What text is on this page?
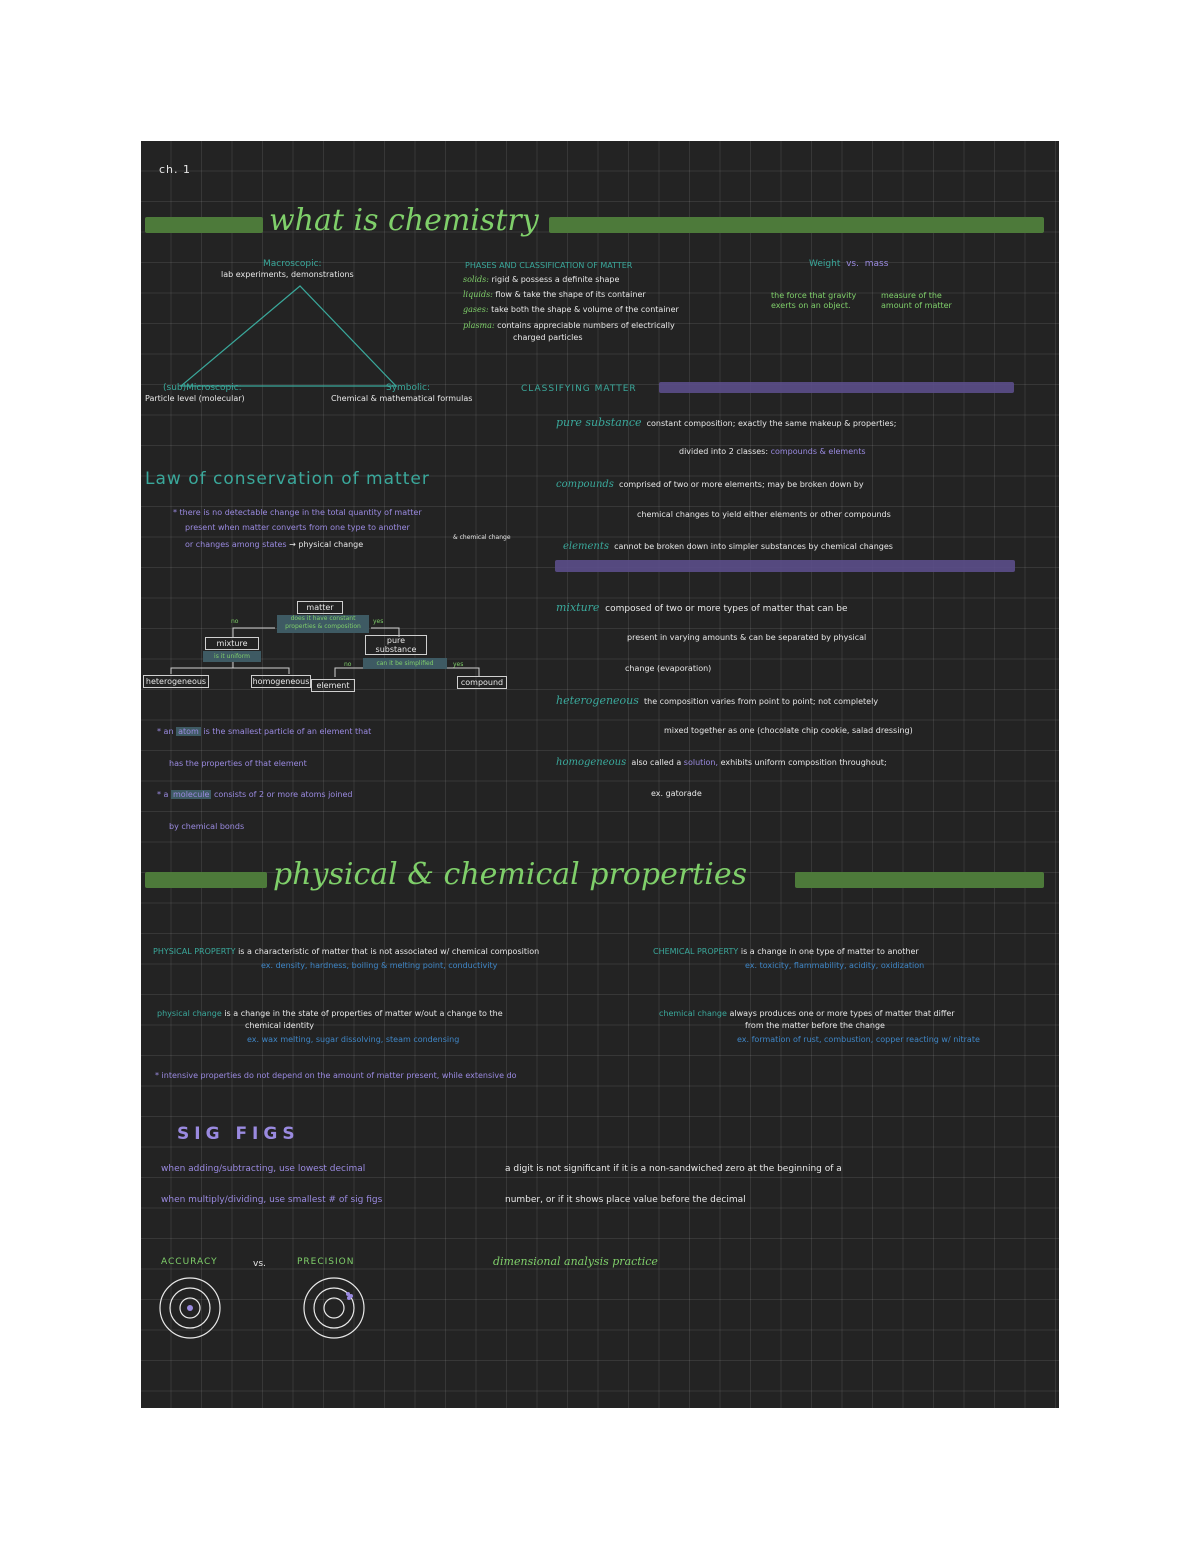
ch. 1
what is chemistry
Macroscopic:
lab experiments, demonstrations
(sub)Microscopic:
Particle level (molecular)
Symbolic:
Chemical & mathematical formulas
PHASES AND CLASSIFICATION OF MATTER
solids: rigid & possess a definite shape
liquids: flow & take the shape of its container
gases: take both the shape & volume of the container
plasma: contains appreciable numbers of electrically
charged particles
Weight vs. mass
the force that gravity exerts on an object.
measure of the amount of matter
CLASSIFYING MATTER
pure substance constant composition; exactly the same makeup & properties;
divided into 2 classes: compounds & elements
compounds comprised of two or more elements; may be broken down by
chemical changes to yield either elements or other compounds
elements cannot be broken down into simpler substances by chemical changes
mixture composed of two or more types of matter that can be
present in varying amounts & can be separated by physical
change (evaporation)
heterogeneous the composition varies from point to point; not completely
mixed together as one (chocolate chip cookie, salad dressing)
homogeneous also called a solution, exhibits uniform composition throughout;
ex. gatorade
Law of conservation of matter
* there is no detectable change in the total quantity of matter
present when matter converts from one type to another
or changes among states → physical change
& chemical change
matter
does it have constant properties & composition
no	yes
mixture
is it uniform
pure substance
can it be simplified
no	yes
heterogeneous	homogeneous element	compound
* an atom is the smallest particle of an element that
has the properties of that element
* a molecule consists of 2 or more atoms joined
by chemical bonds
physical & chemical properties
PHYSICAL PROPERTY is a characteristic of matter that is not associated w/ chemical composition
ex. density, hardness, boiling & melting point, conductivity
CHEMICAL PROPERTY is a change in one type of matter to another
ex. toxicity, flammability, acidity, oxidization
physical change is a change in the state of properties of matter w/out a change to the
chemical identity
ex. wax melting, sugar dissolving, steam condensing
chemical change always produces one or more types of matter that differ
from the matter before the change
ex. formation of rust, combustion, copper reacting w/ nitrate
* intensive properties do not depend on the amount of matter present, while extensive do
SIG FIGS
when adding/subtracting, use lowest decimal
when multiply/dividing, use smallest # of sig figs
a digit is not significant if it is a non-sandwiched zero at the beginning of a
number, or if it shows place value before the decimal
ACCURACY	vs.	PRECISION	dimensional analysis practice
